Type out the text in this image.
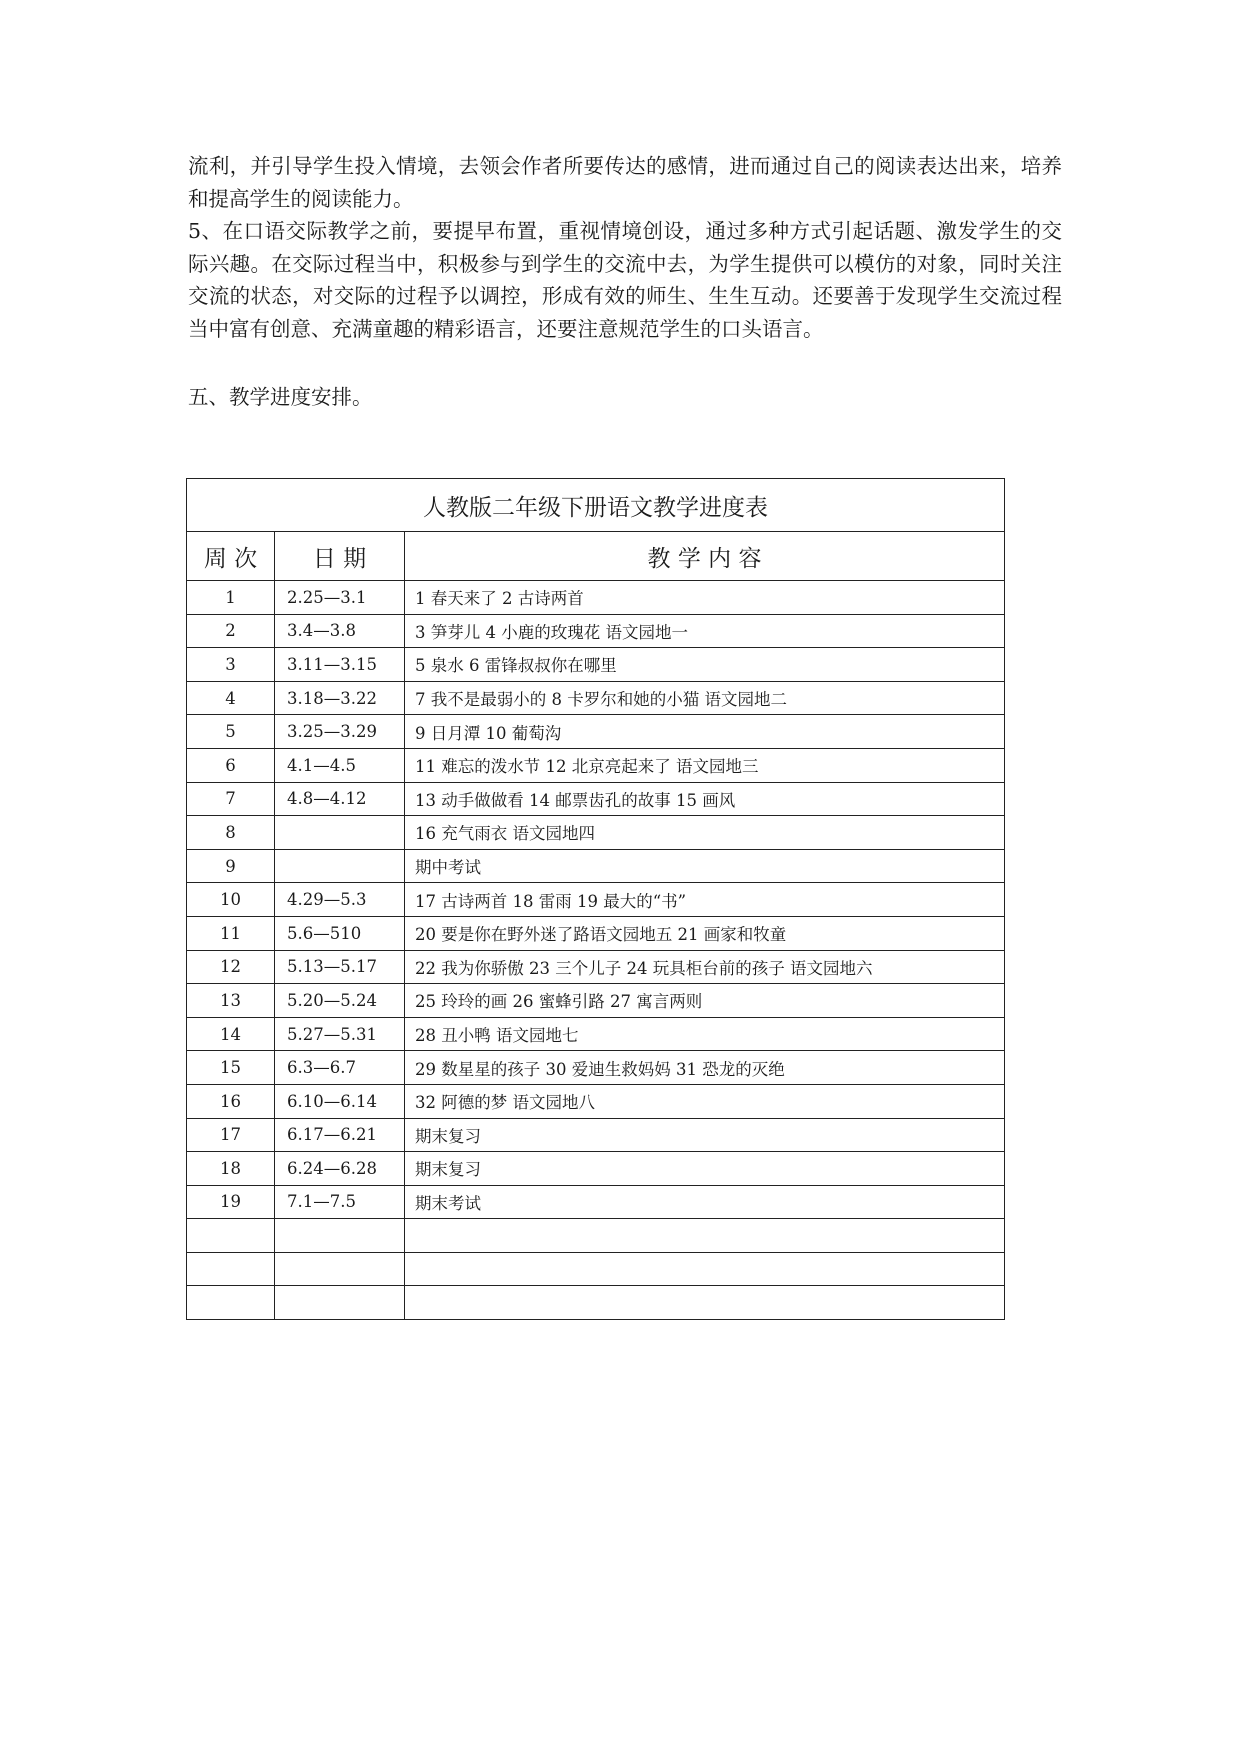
流利，并引导学生投入情境，去领会作者所要传达的感情，进而通过自己的阅读表达出来，培养和提高学生的阅读能力。

5、在口语交际教学之前，要提早布置，重视情境创设，通过多种方式引起话题、激发学生的交际兴趣。在交际过程当中，积极参与到学生的交流中去，为学生提供可以模仿的对象，同时关注交流的状态，对交际的过程予以调控，形成有效的师生、生生互动。还要善于发现学生交流过程当中富有创意、充满童趣的精彩语言，还要注意规范学生的口头语言。

五、教学进度安排。

人教版二年级下册语文教学进度表		
周 次	日 期	教 学 内 容
1	2.25—3.1	1 春天来了 2 古诗两首
2	3.4—3.8	3 笋芽儿 4 小鹿的玫瑰花 语文园地一
3	3.11—3.15	5 泉水 6 雷锋叔叔你在哪里
4	3.18—3.22	7 我不是最弱小的 8 卡罗尔和她的小猫 语文园地二
5	3.25—3.29	9 日月潭 10 葡萄沟
6	4.1—4.5	11 难忘的泼水节 12 北京亮起来了 语文园地三
7	4.8—4.12	13 动手做做看 14 邮票齿孔的故事 15 画风
8		16 充气雨衣 语文园地四
9		期中考试
10	4.29—5.3	17 古诗两首 18 雷雨 19 最大的“书”
11	5.6—510	20 要是你在野外迷了路语文园地五 21 画家和牧童
12	5.13—5.17	22 我为你骄傲 23 三个儿子 24 玩具柜台前的孩子 语文园地六
13	5.20—5.24	25 玲玲的画 26 蜜蜂引路 27 寓言两则
14	5.27—5.31	28 丑小鸭 语文园地七
15	6.3—6.7	29 数星星的孩子 30 爱迪生救妈妈 31 恐龙的灭绝
16	6.10—6.14	32 阿德的梦 语文园地八
17	6.17—6.21	期末复习
18	6.24—6.28	期末复习
19	7.1—7.5	期末考试
